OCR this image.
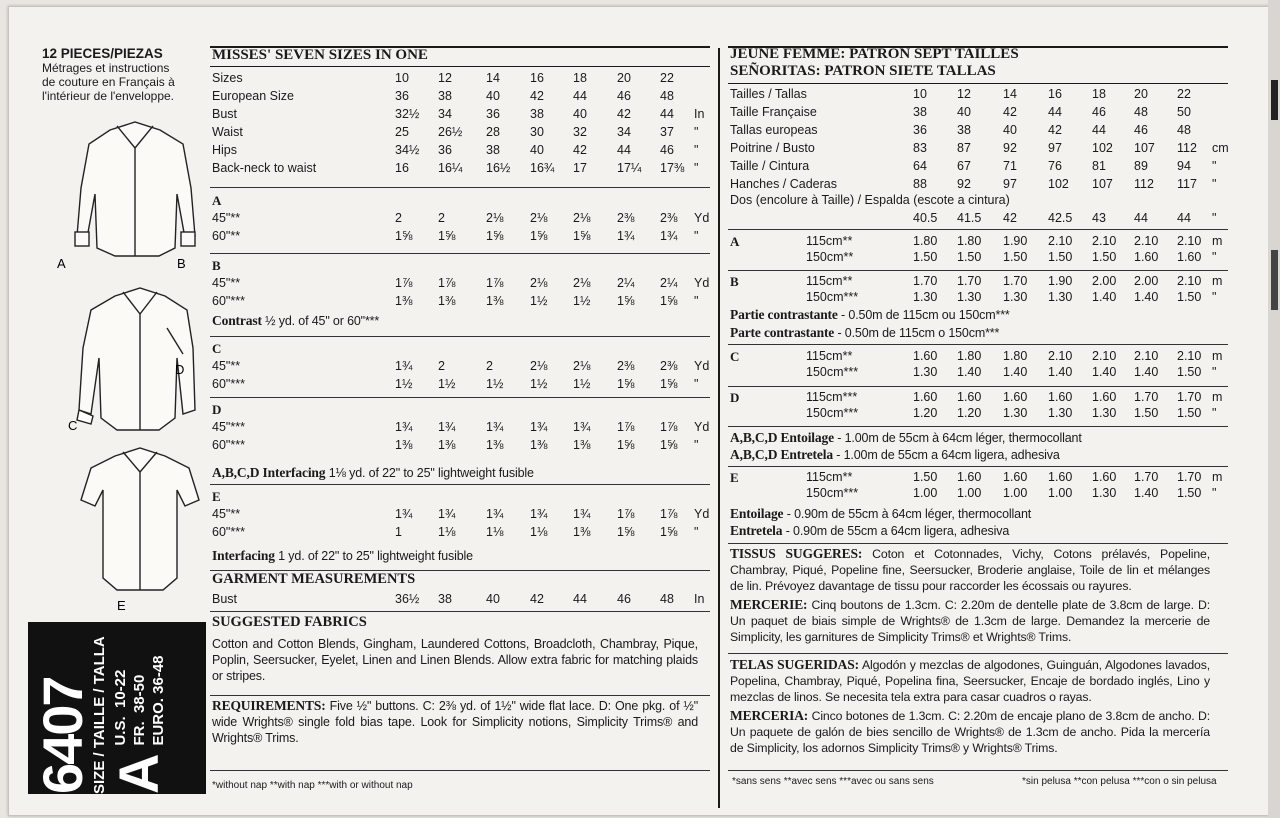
12 PIECES/PIEZAS
Métrages et instructions
de couture en Français à
l'intérieur de l'enveloppe.
A	B
C
D
E
6407
SIZE / TAILLE / TALLA A
U.S.  10-22
FR.  38-50
EURO. 36-48
MISSES' SEVEN SIZES IN ONE	JEUNE FEMME: PATRON SEPT TAILLES
SEÑORITAS: PATRON SIETE TALLAS
*without nap **with nap ***with or without nap	*sans sens **avec sens ***avec ou sans sens	*sin pelusa **con pelusa ***con o sin pelusa
Sizes	10 12	14 16 18 20 22
European Size	36 38	40 42 44 46 48
Bust	32½ 34	36 38 40 42 44 In
Waist	25 26½ 28 30 32 34 37 "
Hips	34½ 36	38 40 42 44 46 "
Back-neck to waist	16 16¼ 16½ 16¾ 17 17¼ 17⅜ "
A
45"**	2	2	2⅛ 2⅛ 2⅛ 2⅜ 2⅜ Yd
60"**	1⅝ 1⅝ 1⅝ 1⅝ 1⅝ 1¾ 1¾ "
B
45"**	1⅞ 1⅞ 1⅞ 2⅛ 2⅛ 2¼ 2¼ Yd
60"***	1⅜ 1⅜ 1⅜ 1½ 1½ 1⅝ 1⅝ "
C
45"**	1¾ 2	2	2⅛ 2⅛ 2⅜ 2⅜ Yd
60"***	1½ 1½ 1½ 1½ 1½ 1⅝ 1⅝ "
D
45"***	1¾ 1¾ 1¾ 1¾ 1¾ 1⅞ 1⅞ Yd
60"***	1⅜ 1⅜ 1⅜ 1⅜ 1⅜ 1⅝ 1⅝ "
E
45"**	1¾ 1¾ 1¾ 1¾ 1¾ 1⅞ 1⅞ Yd
60"***	1	1⅛ 1⅛ 1⅛ 1⅜ 1⅝ 1⅝ "
Contrast ½ yd. of 45" or 60"***
A,B,C,D Interfacing 1⅛ yd. of 22" to 25" lightweight fusible
Interfacing 1 yd. of 22" to 25" lightweight fusible
GARMENT MEASUREMENTS
Bust	36½ 38	40 42 44 46 48 In
SUGGESTED FABRICS
Cotton and Cotton Blends, Gingham, Laundered Cottons, Broadcloth, Chambray, Pique, Poplin, Seersucker, Eyelet, Linen and Linen Blends. Allow extra fabric for matching plaids or stripes.
REQUIREMENTS: Five ½" buttons. C: 2⅜ yd. of 1½" wide flat lace. D: One pkg. of ½" wide Wrights® single fold bias tape. Look for Simplicity notions, Simplicity Trims® and Wrights® Trims.
Tailles / Tallas	10 12	14 16 18 20 22
Taille Française	38 40	42 44 46 48 50
Tallas europeas	36 38	40 42 44 46 48
Poitrine / Busto	83 87	92 97 102 107 112 cm
Taille / Cintura	64 67	71 76 81 89 94 "
Hanches / Caderas	88 92	97 102 107 112 117 "
Dos (encolure à Taille) / Espalda (escote a cintura)
40.5 41.5 42 42.5 43 44 44 "
A	115cm**	1.80 1.80 1.90 2.10 2.10 2.10 2.10 m
150cm**	1.50 1.50 1.50 1.50 1.50 1.60 1.60 "
B	115cm**	1.70 1.70 1.70 1.90 2.00 2.00 2.10 m
150cm***	1.30 1.30 1.30 1.30 1.40 1.40 1.50 "
C	115cm**	1.60 1.80 1.80 2.10 2.10 2.10 2.10 m
150cm***	1.30 1.40 1.40 1.40 1.40 1.40 1.50 "
D	115cm***	1.60 1.60 1.60 1.60 1.60 1.70 1.70 m
150cm***	1.20 1.20 1.30 1.30 1.30 1.50 1.50 "
E	115cm**	1.50 1.60 1.60 1.60 1.60 1.70 1.70 m
150cm***	1.00 1.00 1.00 1.00 1.30 1.40 1.50 "
Partie contrastante - 0.50m de 115cm ou 150cm***
Parte contrastante - 0.50m de 115cm o 150cm***
A,B,C,D Entoilage - 1.00m de 55cm à 64cm léger, thermocollant
A,B,C,D Entretela - 1.00m de 55cm a 64cm ligera, adhesiva
Entoilage - 0.90m de 55cm à 64cm léger, thermocollant
Entretela - 0.90m de 55cm a 64cm ligera, adhesiva
TISSUS SUGGERES: Coton et Cotonnades, Vichy, Cotons prélavés, Popeline, Chambray, Piqué, Popeline fine, Seersucker, Broderie anglaise, Toile de lin et mélanges de lin. Prévoyez davantage de tissu pour raccorder les écossais ou rayures.
MERCERIE: Cinq boutons de 1.3cm. C: 2.20m de dentelle plate de 3.8cm de large. D: Un paquet de biais simple de Wrights® de 1.3cm de large. Demandez la mercerie de Simplicity, les garnitures de Simplicity Trims® et Wrights® Trims.
TELAS SUGERIDAS: Algodón y mezclas de algodones, Guinguán, Algodones lavados, Popelina, Chambray, Piqué, Popelina fina, Seersucker, Encaje de bordado inglés, Lino y mezclas de linos. Se necesita tela extra para casar cuadros o rayas.
MERCERIA: Cinco botones de 1.3cm. C: 2.20m de encaje plano de 3.8cm de ancho. D: Un paquete de galón de bies sencillo de Wrights® de 1.3cm de ancho. Pida la mercería de Simplicity, los adornos Simplicity Trims® y Wrights® Trims.
